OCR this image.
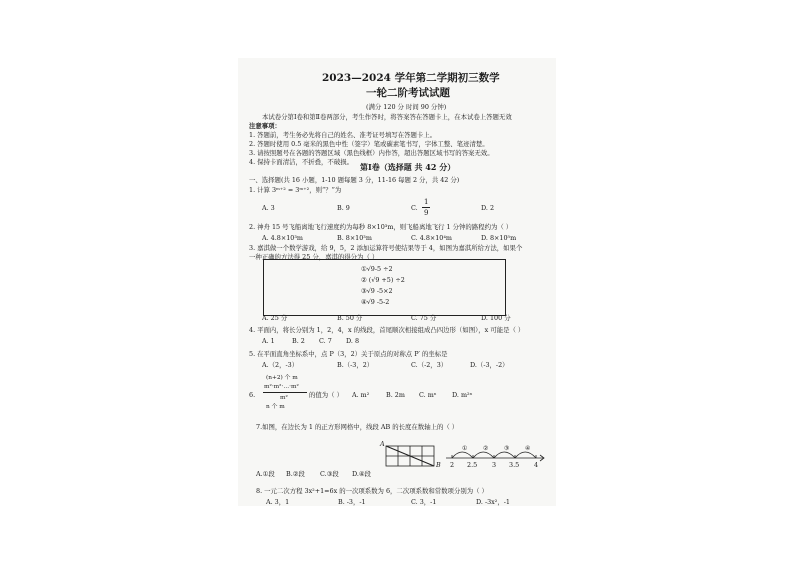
2023—2024 学年第二学期初三数学
一轮二阶考试试题
(满分 120 分 时间 90 分钟)
本试卷分第Ⅰ卷和第Ⅱ卷两部分，考生作答时，将答案答在答题卡上，在本试卷上答题无效
注意事项：
1. 答题前，考生务必先将自己的姓名、准考证号填写在答题卡上。
2. 答题时使用 0.5 毫米的黑色中性（签字）笔或碳素笔书写，字体工整、笔迹清楚。
3. 请按照题号在各题的答题区域（黑色线框）内作答，超出答题区域书写的答案无效。
4. 保持卡面清洁，不折叠，不破损。 第Ⅰ卷（选择题 共 42 分）
一、选择题(共 16 小题，1-10 题每题 3 分，11-16 每题 2 分，共 42 分)
1. 计算 3ᵐ⁺² = 3ᵐ⁺²，则“？”为
A. 3	B. 9	C.
1
9
D. 2
2. 神舟 15 号飞船离地飞行速度约为每秒 8×10³m，则飞船离地飞行 1 分钟的路程约为（ ）
A. 4.8×10³m	B. 8×10³m	C. 4.8×10⁴m	D. 8×10⁵m
3. 嘉淇做一个数学游戏，给 9，5，2 添加运算符号使结果等于 4，如图为嘉淇所给方法，如果个
一种正确的方法得 25 分，嘉淇的得分为（ ）
①√9-5 ÷2
② (√9 +5) ÷2
③√9 -5×2
④√9 -5-2
A. 25 分	B. 50 分	C. 75 分	D. 100 分
4. 平面内，将长分别为 1，2，4，x 的线段，首尾顺次相接组成凸四边形（如图），x 可能是（ ）
A. 1	B. 2 C. 7 D. 8
5. 在平面直角坐标系中，点 P（3，2）关于原点的对称点 P′ 的坐标是
A.（2，-3）	B.（-3，2）	C.（-2，3）	D.（-3，-2）
6.
(n+2) 个 m
m²·m²·…·m²
m²
n 个 m
的值为（ ） A. m²	B. 2m C. mⁿ D. m²ⁿ
7.如图，在边长为 1 的正方形网格中，线段 AB 的长度在数轴上的（ ）
A
B
①	②	③	④
2 2.5 3 3.5 4
A.①段 B.②段 C.③段 D.④段
8. 一元二次方程 3x²+1=6x 的一次项系数为 6，二次项系数和常数项分别为（ ）
A. 3，1	B. -3，-1	C. 3，-1	D. -3x²，-1
